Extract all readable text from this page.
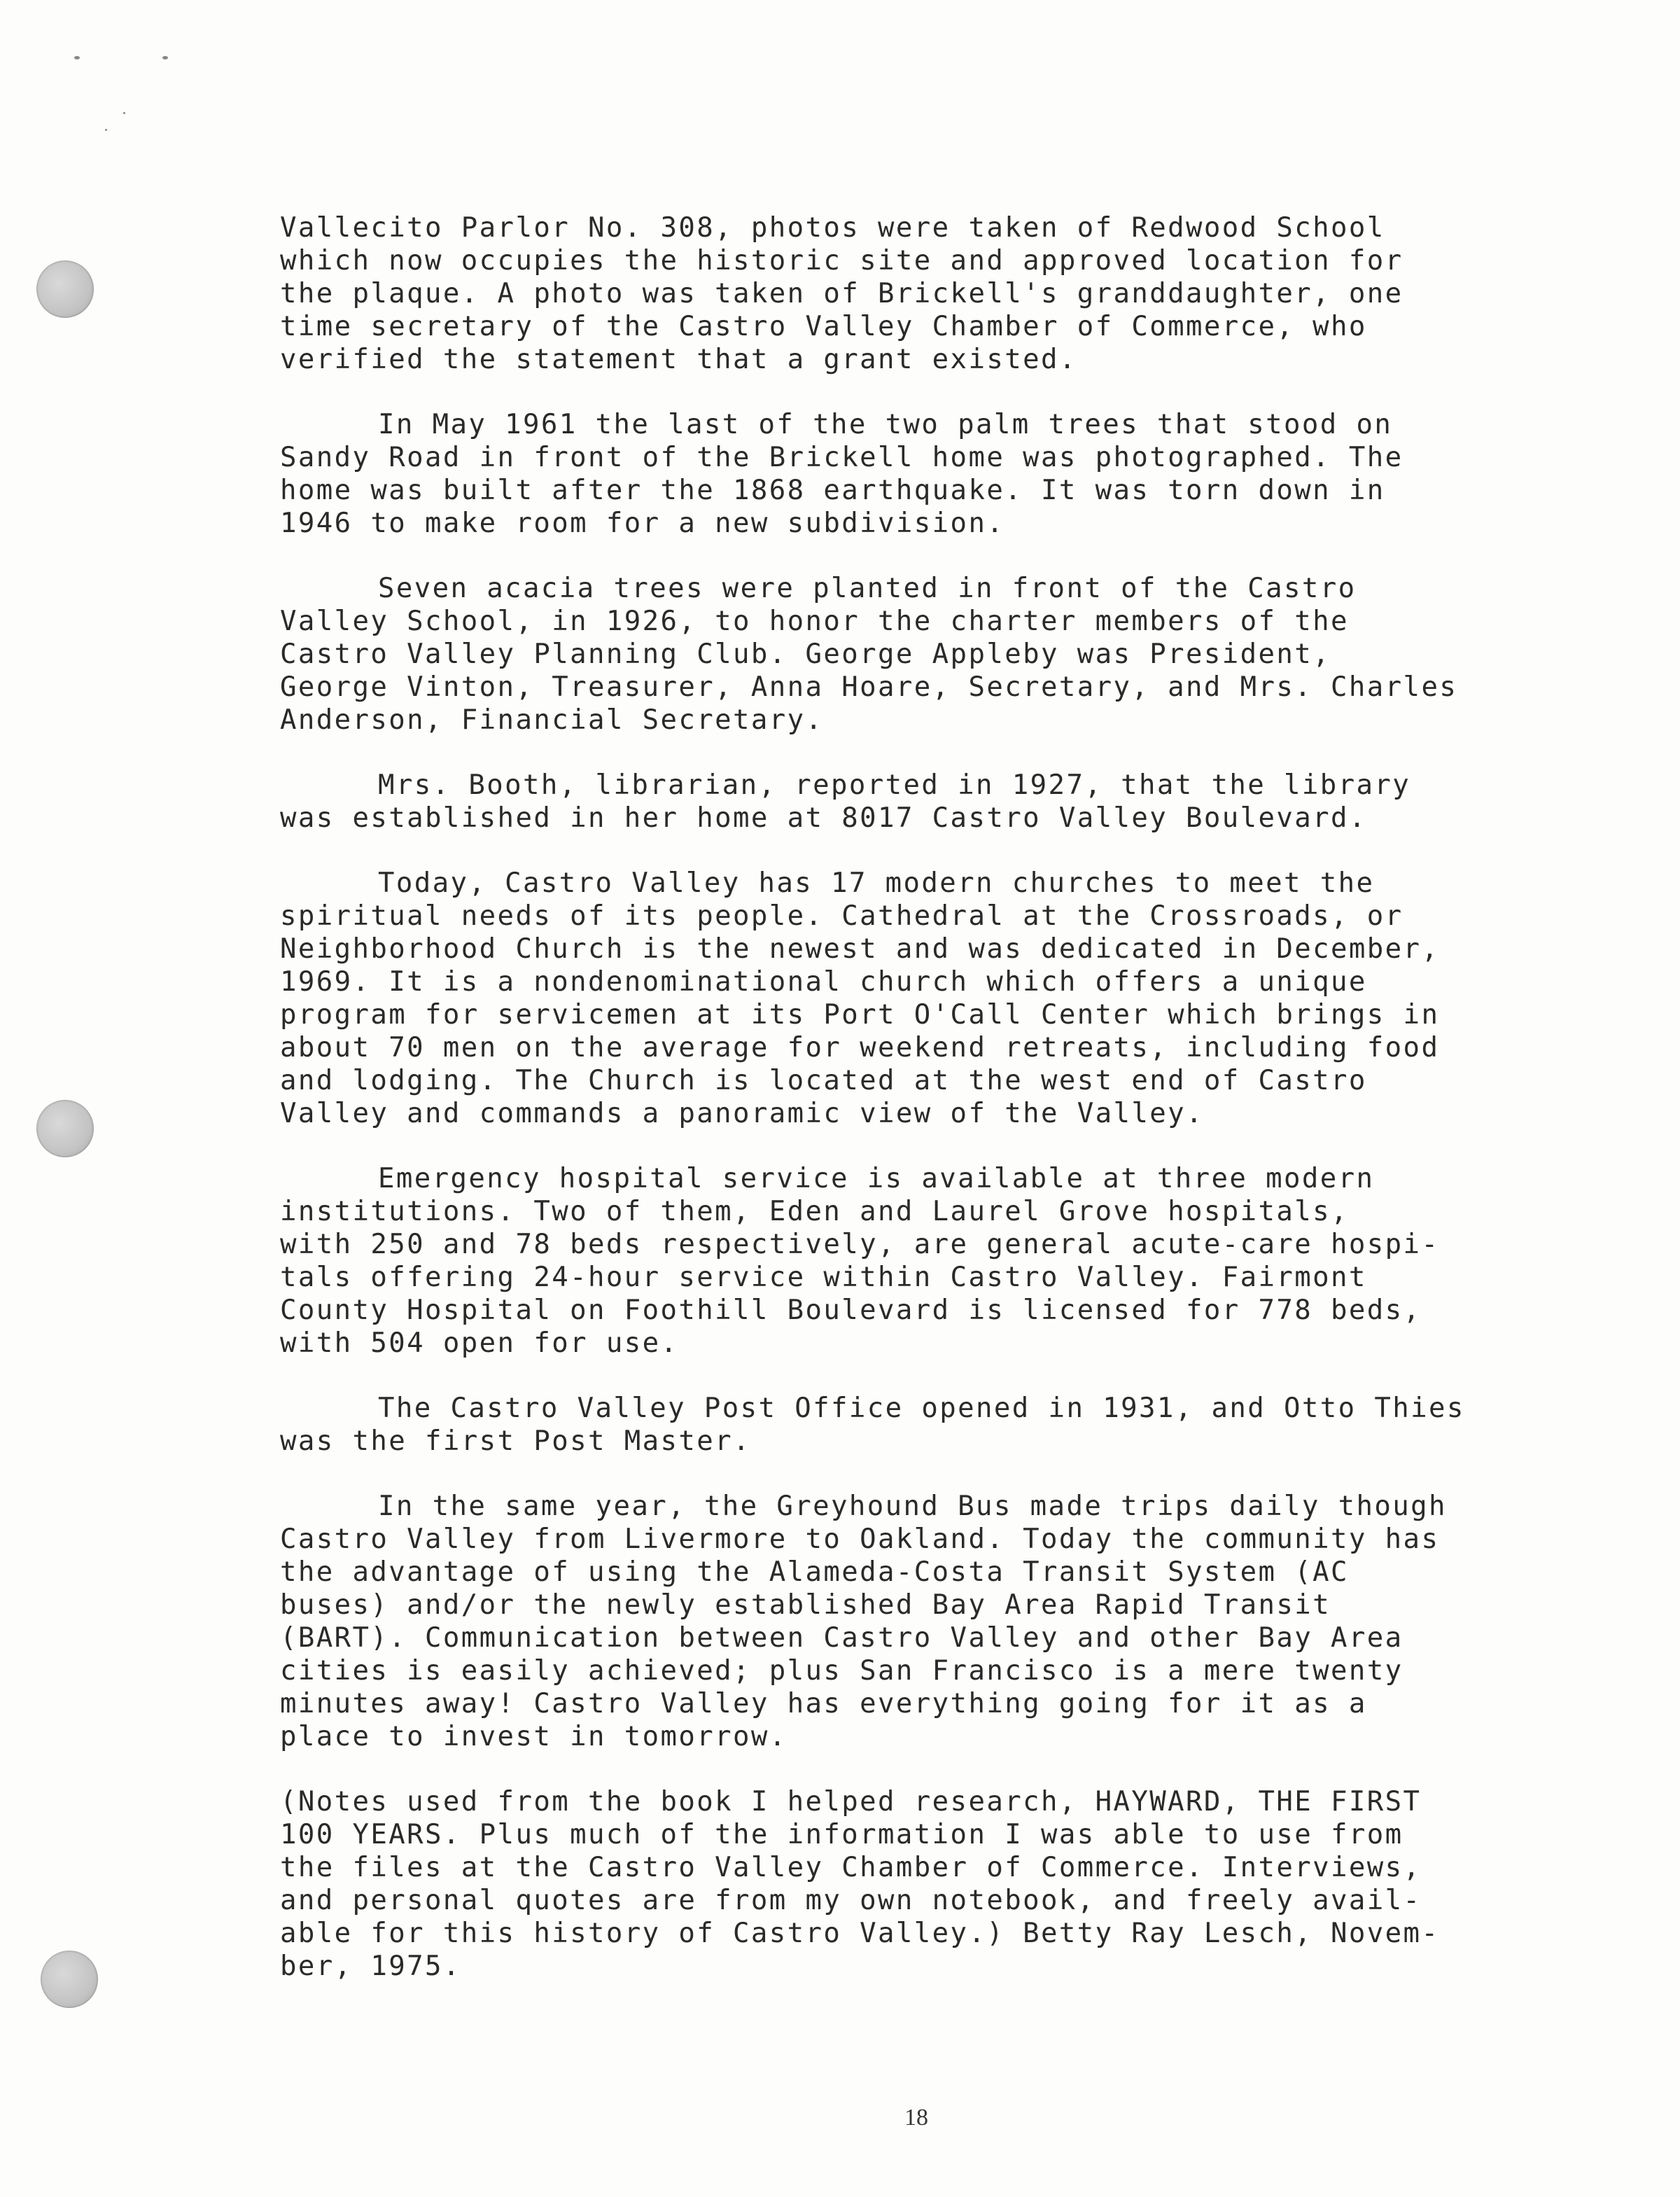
Vallecito Parlor No. 308, photos were taken of Redwood School
which now occupies the historic site and approved location for
the plaque. A photo was taken of Brickell's granddaughter, one
time secretary of the Castro Valley Chamber of Commerce, who
verified the statement that a grant existed.

In May 1961 the last of the two palm trees that stood on
Sandy Road in front of the Brickell home was photographed. The
home was built after the 1868 earthquake. It was torn down in
1946 to make room for a new subdivision.

Seven acacia trees were planted in front of the Castro
Valley School, in 1926, to honor the charter members of the
Castro Valley Planning Club. George Appleby was President,
George Vinton, Treasurer, Anna Hoare, Secretary, and Mrs. Charles
Anderson, Financial Secretary.

Mrs. Booth, librarian, reported in 1927, that the library
was established in her home at 8017 Castro Valley Boulevard.

Today, Castro Valley has 17 modern churches to meet the
spiritual needs of its people. Cathedral at the Crossroads, or
Neighborhood Church is the newest and was dedicated in December,
1969. It is a nondenominational church which offers a unique
program for servicemen at its Port O'Call Center which brings in
about 70 men on the average for weekend retreats, including food
and lodging. The Church is located at the west end of Castro
Valley and commands a panoramic view of the Valley.

Emergency hospital service is available at three modern
institutions. Two of them, Eden and Laurel Grove hospitals,
with 250 and 78 beds respectively, are general acute-care hospi-
tals offering 24-hour service within Castro Valley. Fairmont
County Hospital on Foothill Boulevard is licensed for 778 beds,
with 504 open for use.

The Castro Valley Post Office opened in 1931, and Otto Thies
was the first Post Master.

In the same year, the Greyhound Bus made trips daily though
Castro Valley from Livermore to Oakland. Today the community has
the advantage of using the Alameda-Costa Transit System (AC
buses) and/or the newly established Bay Area Rapid Transit
(BART). Communication between Castro Valley and other Bay Area
cities is easily achieved; plus San Francisco is a mere twenty
minutes away! Castro Valley has everything going for it as a
place to invest in tomorrow.

(Notes used from the book I helped research, HAYWARD, THE FIRST
100 YEARS. Plus much of the information I was able to use from
the files at the Castro Valley Chamber of Commerce. Interviews,
and personal quotes are from my own notebook, and freely avail-
able for this history of Castro Valley.) Betty Ray Lesch, Novem-
ber, 1975.

18
